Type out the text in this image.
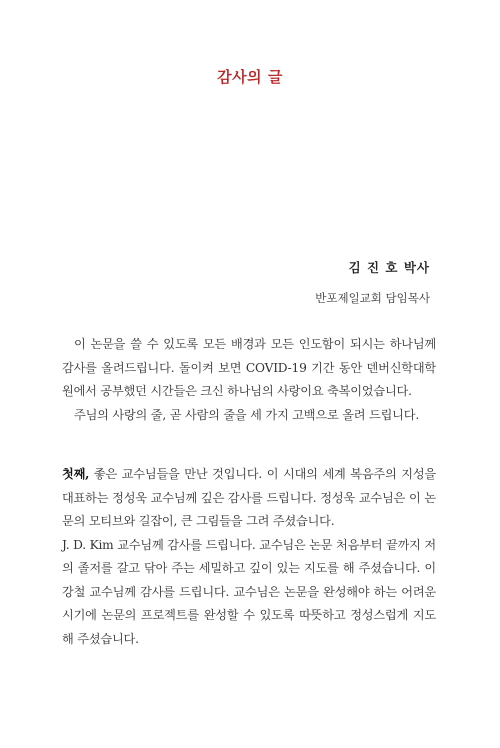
감사의 글
김 진 호 박사
반포제일교회 담임목사

이 논문을 쓸 수 있도록 모든 배경과 모든 인도함이 되시는 하나님께 감사를 올려드립니다. 돌이켜 보면 COVID-19 기간 동안 덴버신학대학원에서 공부했던 시간들은 크신 하나님의 사랑이요 축복이었습니다.

주님의 사랑의 줄, 곧 사람의 줄을 세 가지 고백으로 올려 드립니다.

첫째, 좋은 교수님들을 만난 것입니다. 이 시대의 세계 복음주의 지성을 대표하는 정성욱 교수님께 깊은 감사를 드립니다. 정성욱 교수님은 이 논문의 모티브와 길잡이, 큰 그림들을 그려 주셨습니다.

J. D. Kim 교수님께 감사를 드립니다. 교수님은 논문 처음부터 끝까지 저의 졸저를 갈고 닦아 주는 세밀하고 깊이 있는 지도를 해 주셨습니다. 이강철 교수님께 감사를 드립니다. 교수님은 논문을 완성해야 하는 어려운 시기에 논문의 프로젝트를 완성할 수 있도록 따뜻하고 정성스럽게 지도해 주셨습니다.
